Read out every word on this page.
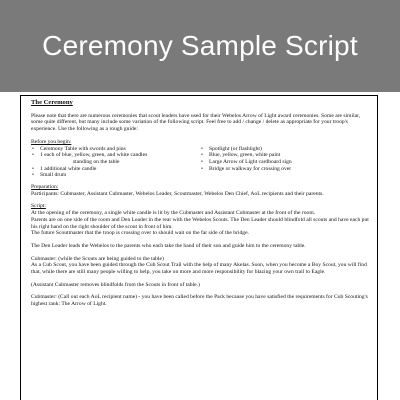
Ceremony Sample Script
The Ceremony

Please note that there are numerous ceremonies that scout leaders have used for their Webelos Arrow of Light award ceremonies. Some are similar, some quite different, but many include some variation of the following script. Feel free to add / change / delete as appropriate for your troop's experience. Use the following as a rough guide:

Before you begin:
• Ceremony Table with swords and pins
• 1 each of blue, yellow, green, and white candles
standing on the table
• 1 additional white candle
• Small drum
• Spotlight (or flashlight)
• Blue, yellow, green, white paint
• Large Arrow of Light cardboard sign
• Bridge or walkway for crossing over
Preparation:

Participants: Cubmaster, Assistant Cubmaster, Webelos Leader, Scoutmaster, Webelos Den Chief, AoL recipients and their parents.

Script:
At the opening of the ceremony, a single white candle is lit by the Cubmaster and Assistant Cubmaster at the front of the room.
Parents are on one side of the room and Den Leader in the rear with the Webelos Scouts. The Den Leader should blindfold all scouts and have each put his right hand on the right shoulder of the scout in front of him.
The future Scoutmaster that the troop is crossing over to should wait on the far side of the bridge.

The Den Leader leads the Webelos to the parents who each take the hand of their son and guide him to the ceremony table.

Cubmaster: (while the Scouts are being guided to the table)
As a Cub Scout, you have been guided through the Cub Scout Trail with the help of many Akelas. Soon, when you become a Boy Scout, you will find that, while there are still many people willing to help, you take on more and more responsibility for blazing your own trail to Eagle.

(Assistant Cubmaster removes blindfolds from the Scouts in front of table.)

Cubmaster: (Call out each AoL recipient name) - you have been called before the Pack because you have satisfied the requirements for Cub Scouting's highest rank: The Arrow of Light.
